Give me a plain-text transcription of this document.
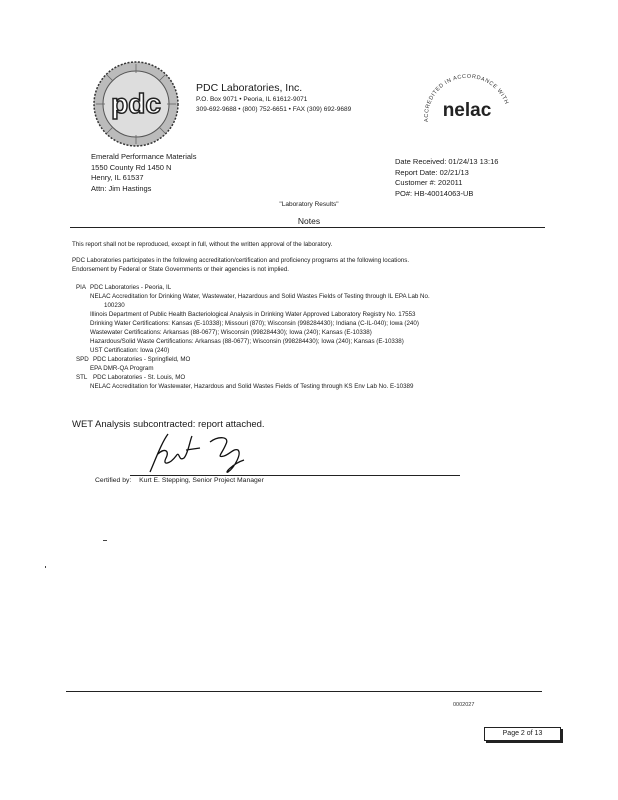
pdc	PDC Laboratories, Inc.
P.O. Box 9071 • Peoria, IL 61612-9071
309-692-9688 • (800) 752-6651 • FAX (309) 692-9689
ACCREDITED IN ACCORDANCE WITH
nelac
Emerald Performance Materials
1550 County Rd 1450 N
Henry, IL 61537
Attn: Jim Hastings
Date Received: 01/24/13 13:16
Report Date: 02/21/13
Customer #: 202011
PO#: HB-40014063-UB
"Laboratory Results"
Notes
This report shall not be reproduced, except in full, without the written approval of the laboratory.
PDC Laboratories participates in the following accreditation/certification and proficiency programs at the following locations.
Endorsement by Federal or State Governments or their agencies is not implied.
PIA PDC Laboratories - Peoria, IL
NELAC Accreditation for Drinking Water, Wastewater, Hazardous and Solid Wastes Fields of Testing through IL EPA Lab No.
100230
Illinois Department of Public Health Bacteriological Analysis in Drinking Water Approved Laboratory Registry No. 17553
Drinking Water Certifications: Kansas (E-10338); Missouri (870); Wisconsin (998284430); Indiana (C-IL-040); Iowa (240)
Wastewater Certifications: Arkansas (88-0677); Wisconsin (998284430); Iowa (240); Kansas (E-10338)
Hazardous/Solid Waste Certifications: Arkansas (88-0677); Wisconsin (998284430); Iowa (240); Kansas (E-10338)
UST Certification: Iowa (240)
SPD PDC Laboratories - Springfield, MO
EPA DMR-QA Program
STL PDC Laboratories - St. Louis, MO
NELAC Accreditation for Wastewater, Hazardous and Solid Wastes Fields of Testing through KS Env Lab No. E-10389
WET Analysis subcontracted: report attached.
Certified by: Kurt E. Stepping, Senior Project Manager
0002027
Page 2 of 13
